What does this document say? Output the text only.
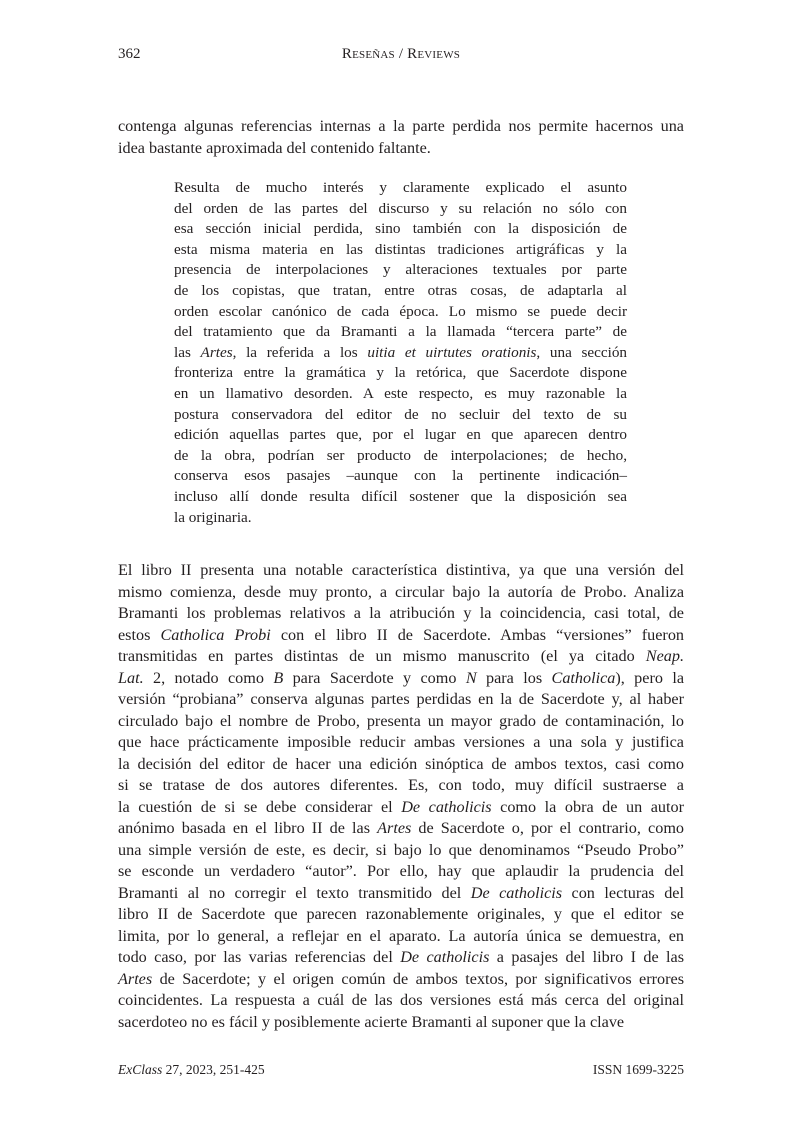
362	Reseñas / Reviews
contenga algunas referencias internas a la parte perdida nos permite hacernos una
idea bastante aproximada del contenido faltante.
Resulta de mucho interés y claramente explicado el asunto
del orden de las partes del discurso y su relación no sólo con
esa sección inicial perdida, sino también con la disposición de
esta misma materia en las distintas tradiciones artigráficas y la
presencia de interpolaciones y alteraciones textuales por parte
de los copistas, que tratan, entre otras cosas, de adaptarla al
orden escolar canónico de cada época. Lo mismo se puede decir
del tratamiento que da Bramanti a la llamada “tercera parte” de
las Artes, la referida a los uitia et uirtutes orationis, una sección
fronteriza entre la gramática y la retórica, que Sacerdote dispone
en un llamativo desorden. A este respecto, es muy razonable la
postura conservadora del editor de no secluir del texto de su
edición aquellas partes que, por el lugar en que aparecen dentro
de la obra, podrían ser producto de interpolaciones; de hecho,
conserva esos pasajes –aunque con la pertinente indicación–
incluso allí donde resulta difícil sostener que la disposición sea
la originaria.
El libro II presenta una notable característica distintiva, ya que una versión del
mismo comienza, desde muy pronto, a circular bajo la autoría de Probo. Analiza
Bramanti los problemas relativos a la atribución y la coincidencia, casi total, de
estos Catholica Probi con el libro II de Sacerdote. Ambas “versiones” fueron
transmitidas en partes distintas de un mismo manuscrito (el ya citado Neap.
Lat. 2, notado como B para Sacerdote y como N para los Catholica), pero la
versión “probiana” conserva algunas partes perdidas en la de Sacerdote y, al haber
circulado bajo el nombre de Probo, presenta un mayor grado de contaminación, lo
que hace prácticamente imposible reducir ambas versiones a una sola y justifica
la decisión del editor de hacer una edición sinóptica de ambos textos, casi como
si se tratase de dos autores diferentes. Es, con todo, muy difícil sustraerse a
la cuestión de si se debe considerar el De catholicis como la obra de un autor
anónimo basada en el libro II de las Artes de Sacerdote o, por el contrario, como
una simple versión de este, es decir, si bajo lo que denominamos “Pseudo Probo”
se esconde un verdadero “autor”. Por ello, hay que aplaudir la prudencia del
Bramanti al no corregir el texto transmitido del De catholicis con lecturas del
libro II de Sacerdote que parecen razonablemente originales, y que el editor se
limita, por lo general, a reflejar en el aparato. La autoría única se demuestra, en
todo caso, por las varias referencias del De catholicis a pasajes del libro I de las
Artes de Sacerdote; y el origen común de ambos textos, por significativos errores
coincidentes. La respuesta a cuál de las dos versiones está más cerca del original
sacerdoteo no es fácil y posiblemente acierte Bramanti al suponer que la clave
ExClass 27, 2023, 251-425	ISSN 1699-3225
